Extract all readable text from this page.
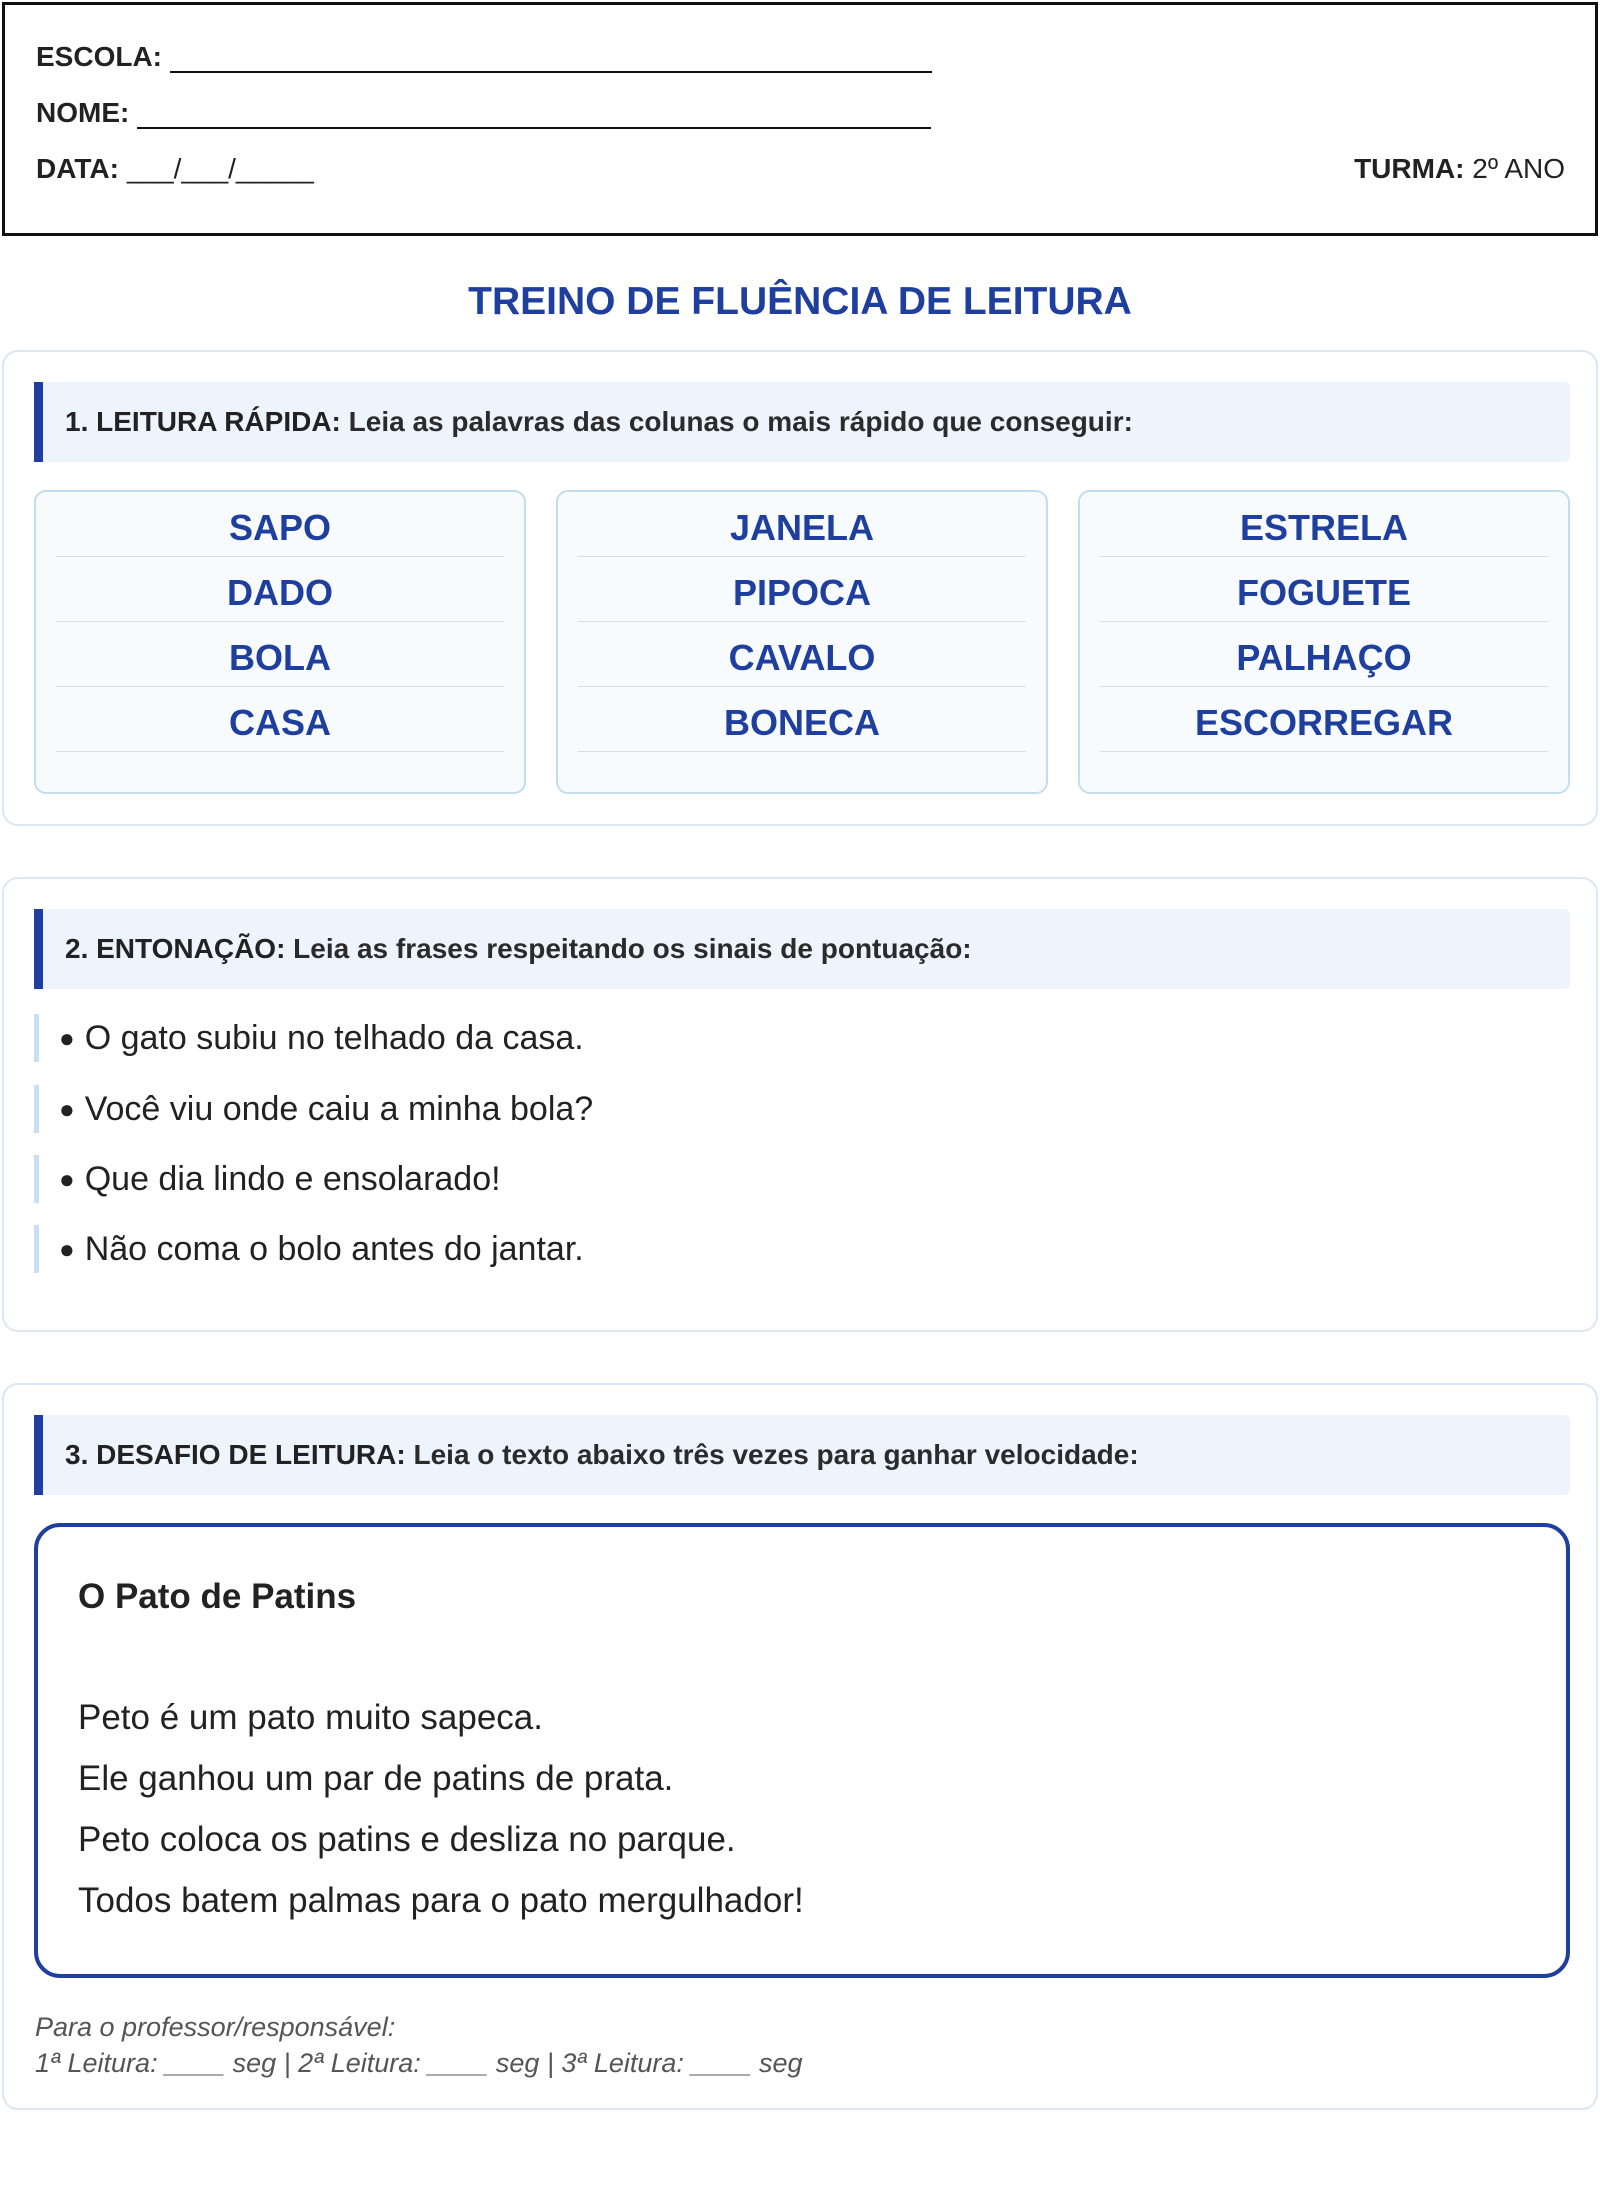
ESCOLA:
NOME:
DATA: ___/___/_____	TURMA: 2º ANO
TREINO DE FLUÊNCIA DE LEITURA
1. LEITURA RÁPIDA:
Leia as palavras das colunas o mais rápido que conseguir:
SAPO
DADO
BOLA
CASA
JANELA
PIPOCA
CAVALO
BONECA
ESTRELA
FOGUETE
PALHAÇO
ESCORREGAR
2. ENTONAÇÃO:
Leia as frases respeitando os sinais de pontuação:
● O gato subiu no telhado da casa.
● Você viu onde caiu a minha bola?
● Que dia lindo e ensolarado!
● Não coma o bolo antes do jantar.
3. DESAFIO DE LEITURA:
Leia o texto abaixo três vezes para ganhar velocidade:
O Pato de Patins
Peto é um pato muito sapeca.
Ele ganhou um par de patins de prata.
Peto coloca os patins e desliza no parque.
Todos batem palmas para o pato mergulhador!
Para o professor/responsável:
1ª Leitura: ____ seg | 2ª Leitura: ____ seg | 3ª Leitura: ____ seg
